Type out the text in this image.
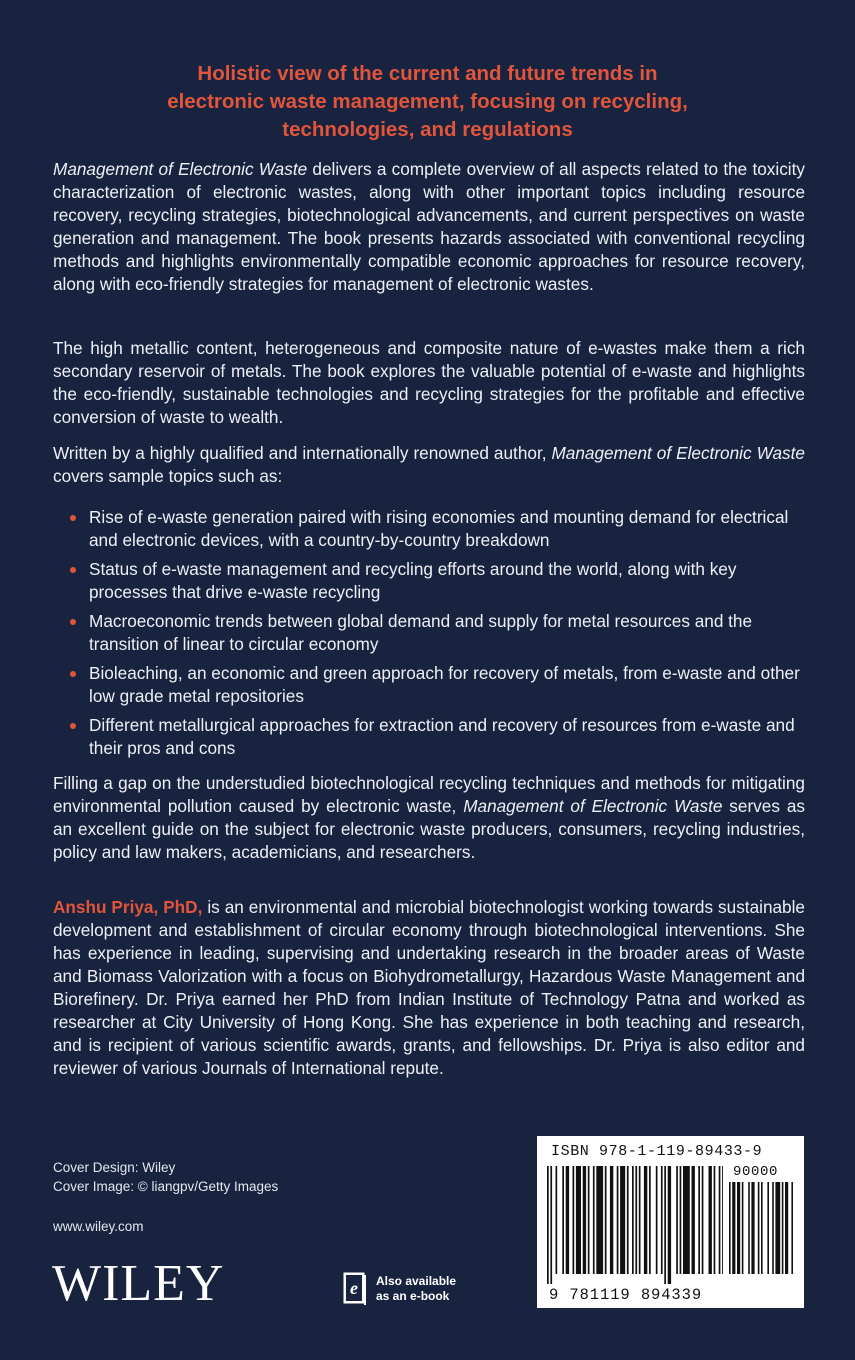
Holistic view of the current and future trends in
electronic waste management, focusing on recycling,
technologies, and regulations
Management of Electronic Waste delivers a complete overview of all aspects related to the toxicity characterization of electronic wastes, along with other important topics including resource recovery, recycling strategies, biotechnological advancements, and current perspectives on waste generation and management. The book presents hazards associated with conventional recycling methods and highlights environmentally compatible economic approaches for resource recovery, along with eco-friendly strategies for management of electronic wastes.
The high metallic content, heterogeneous and composite nature of e-wastes make them a rich secondary reservoir of metals. The book explores the valuable potential of e-waste and highlights the eco-friendly, sustainable technologies and recycling strategies for the profitable and effective conversion of waste to wealth.
Written by a highly qualified and internationally renowned author, Management of Electronic Waste covers sample topics such as:
Rise of e-waste generation paired with rising economies and mounting demand for electrical and electronic devices, with a country-by-country breakdown
Status of e-waste management and recycling efforts around the world, along with key processes that drive e-waste recycling
Macroeconomic trends between global demand and supply for metal resources and the transition of linear to circular economy
Bioleaching, an economic and green approach for recovery of metals, from e-waste and other low grade metal repositories
Different metallurgical approaches for extraction and recovery of resources from e-waste and their pros and cons
Filling a gap on the understudied biotechnological recycling techniques and methods for mitigating environmental pollution caused by electronic waste, Management of Electronic Waste serves as an excellent guide on the subject for electronic waste producers, consumers, recycling industries, policy and law makers, academicians, and researchers.
Anshu Priya, PhD, is an environmental and microbial biotechnologist working towards sustainable development and establishment of circular economy through biotechnological interventions. She has experience in leading, supervising and undertaking research in the broader areas of Waste and Biomass Valorization with a focus on Biohydrometallurgy, Hazardous Waste Management and Biorefinery. Dr. Priya earned her PhD from Indian Institute of Technology Patna and worked as researcher at City University of Hong Kong. She has experience in both teaching and research, and is recipient of various scientific awards, grants, and fellowships. Dr. Priya is also editor and reviewer of various Journals of International repute.
Cover Design: Wiley
Cover Image: © liangpv/Getty Images
www.wiley.com
WILEY	e Also available
as an e-book
ISBN 978-1-119-89433-9
90000
9 781119 894339
